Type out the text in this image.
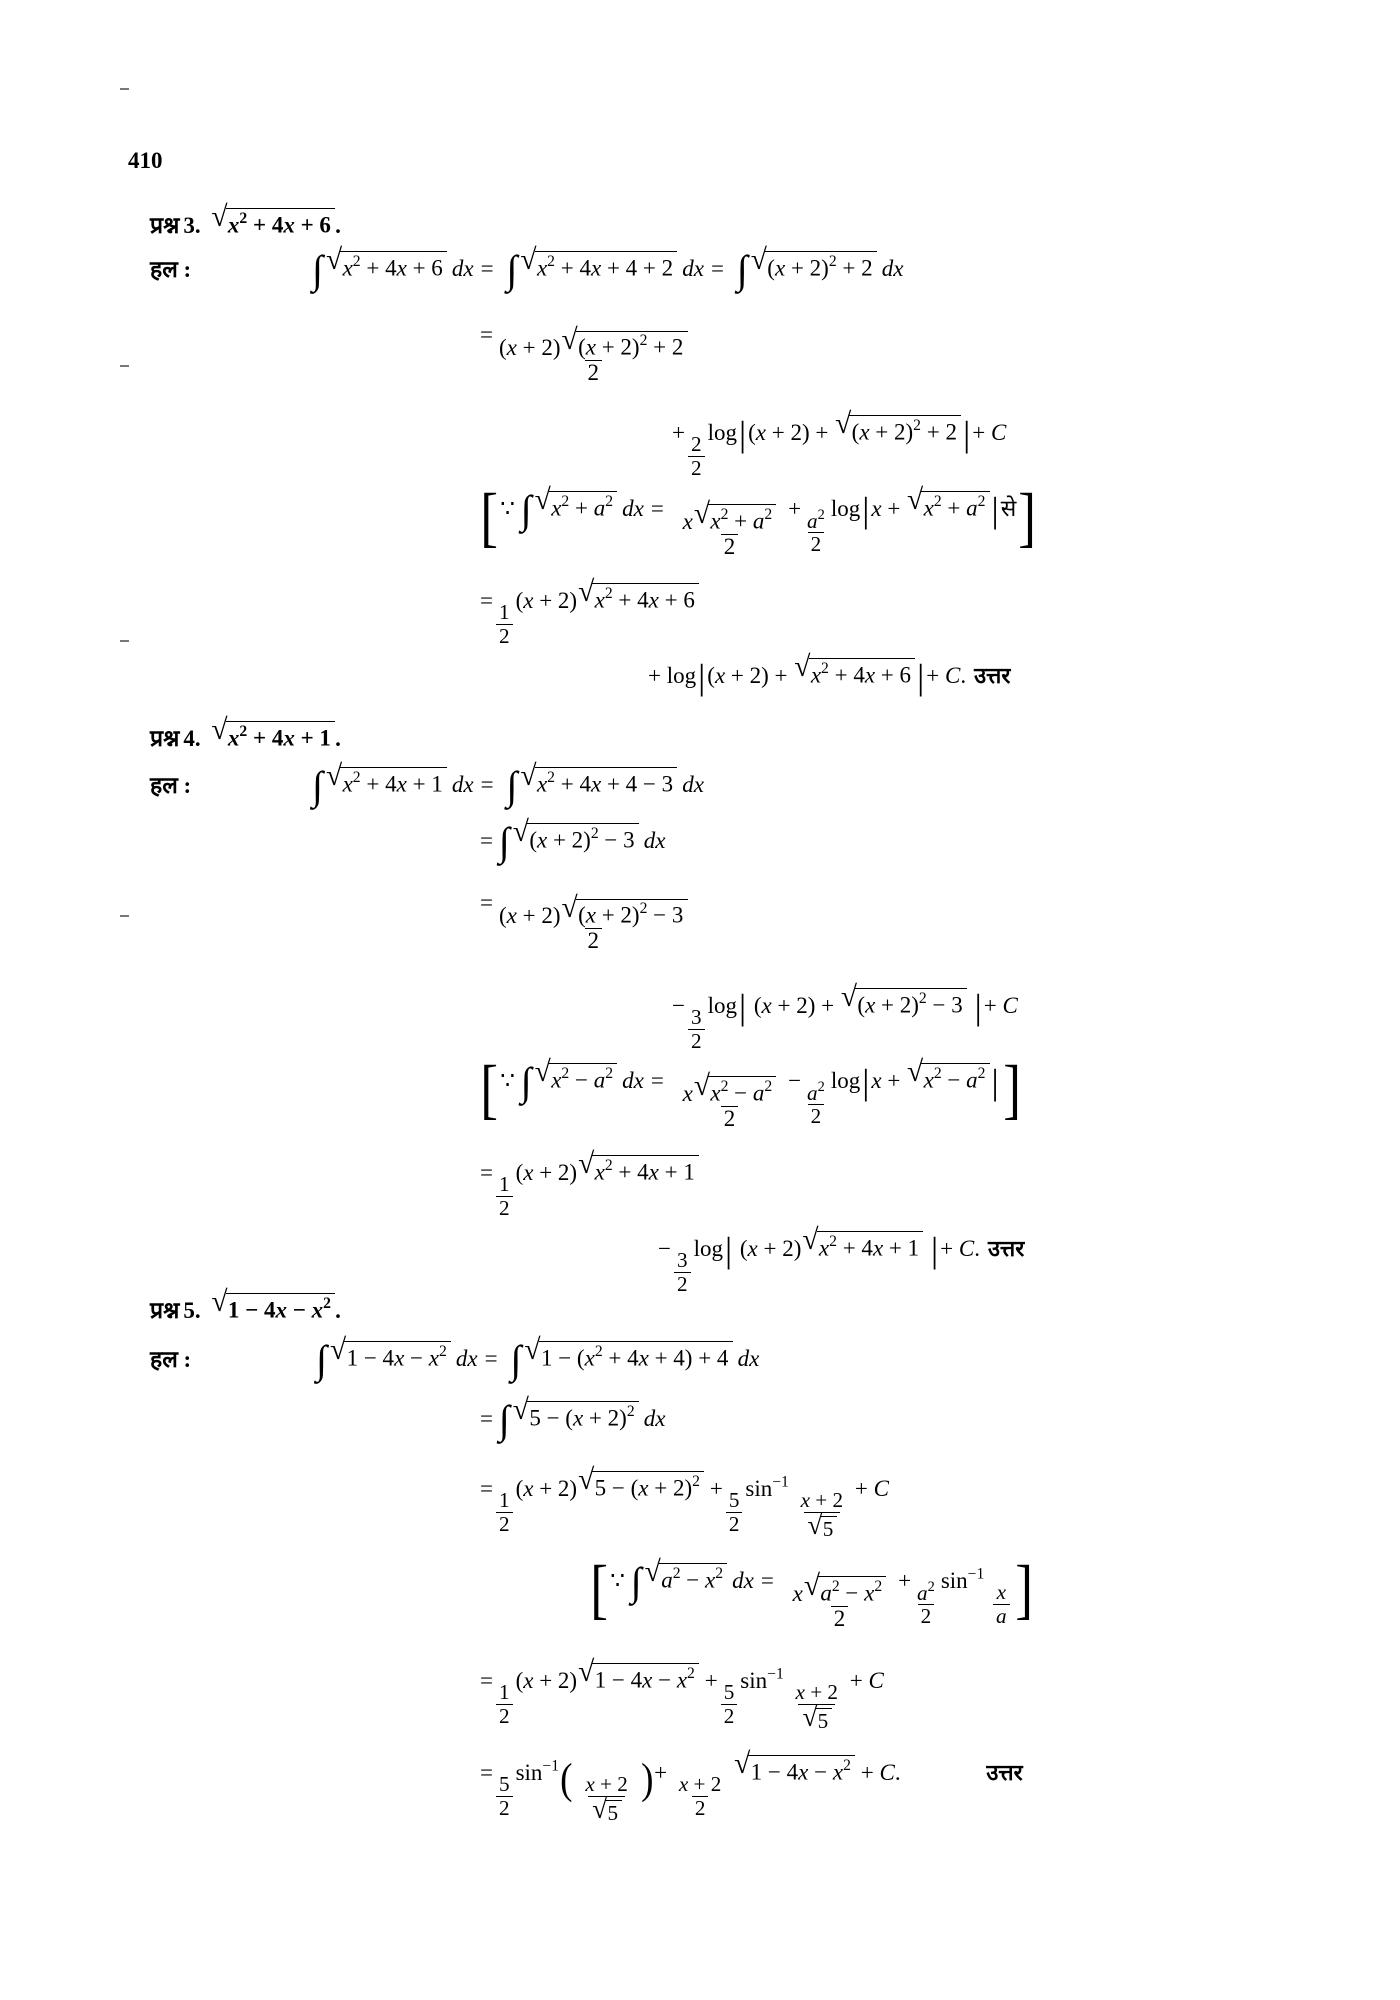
410
प्रश्न 3. √ $x^2 + 4x + 6$ .
हल :	∫ √ $x^2 + 4x + 6$ dx = ∫ √ $x^2 + 4x + 4 + 2$ dx = ∫ √ $(x + 2)^2 + 2$ dx
= $\frac{(x + 2) √ (x + 2)^2 + 2}{2}$
+
$\frac{2}{2}$
log|(x + 2) + √ $(x + 2)^2 + 2$ |+ C
[∵ ∫ √ $x^2 + a^2$ dx = $\frac{x √ x^2 + a^2}{2} + \frac{a^2}{2} \log|x$ + √ $x^2 + a^2$ |से]
=
$\frac{1}{2}$
(x + 2) √ $x^2 + 4x + 6$
+ log|(x + 2) + √ $x^2 + 4x + 6$ |+ C. उत्तर
प्रश्न 4. √ $x^2 + 4x + 1$ .
हल :	∫ √ $x^2 + 4x + 1$ dx = ∫ √ $x^2 + 4x + 4 - 3$ dx
= ∫ √ $(x + 2)^2 - 3$ dx
= $\frac{(x + 2) √ (x + 2)^2 - 3}{2}$
−
$\frac{3}{2}$
log| (x + 2) + √ $(x + 2)^2 - 3$ |+ C
[∵ ∫ √ $x^2 - a^2$ dx = $\frac{x √ x^2 - a^2}{2} - \frac{a^2}{2} \log|x$ + √ $x^2 - a^2$ |]
=
$\frac{1}{2}$
(x + 2) √ $x^2 + 4x + 1$
−
$\frac{3}{2}$
log| (x + 2) √ $x^2 + 4x + 1$ |+ C. उत्तर
प्रश्न 5. √ $1 - 4x - x^2$ .
हल :	∫ √ $1 - 4x - x^2$ dx = ∫ √ $1 - (x^2 + 4x + 4) + 4$ dx
= ∫ √ $5 - (x + 2)^2$ dx
=
$\frac{1}{2}$
(x + 2) √ $5 - (x + 2)^2$ +
$\frac{5}{2}$
$\sin^{-1}$
$\frac{x + 2}{√ 5}$
+ C
[∵ ∫ √ $a^2 - x^2$ dx = $\frac{x √ a^2 - x^2}{2} + \frac{a^2}{2} \sin^{-1}$
$\frac{x}{a}$ ]
=
$\frac{1}{2}$
(x + 2) √ $1 - 4x - x^2$ +
$\frac{5}{2}$
$\sin^{-1}$
$\frac{x + 2}{√ 5}$
+ C
=
$\frac{5}{2}$
$\sin^{-1}( \frac{x + 2}{√ 5}$ )+
$\frac{x + 2}{2}$

√ $1 - 4x - x^2 + C$.	उत्तर
